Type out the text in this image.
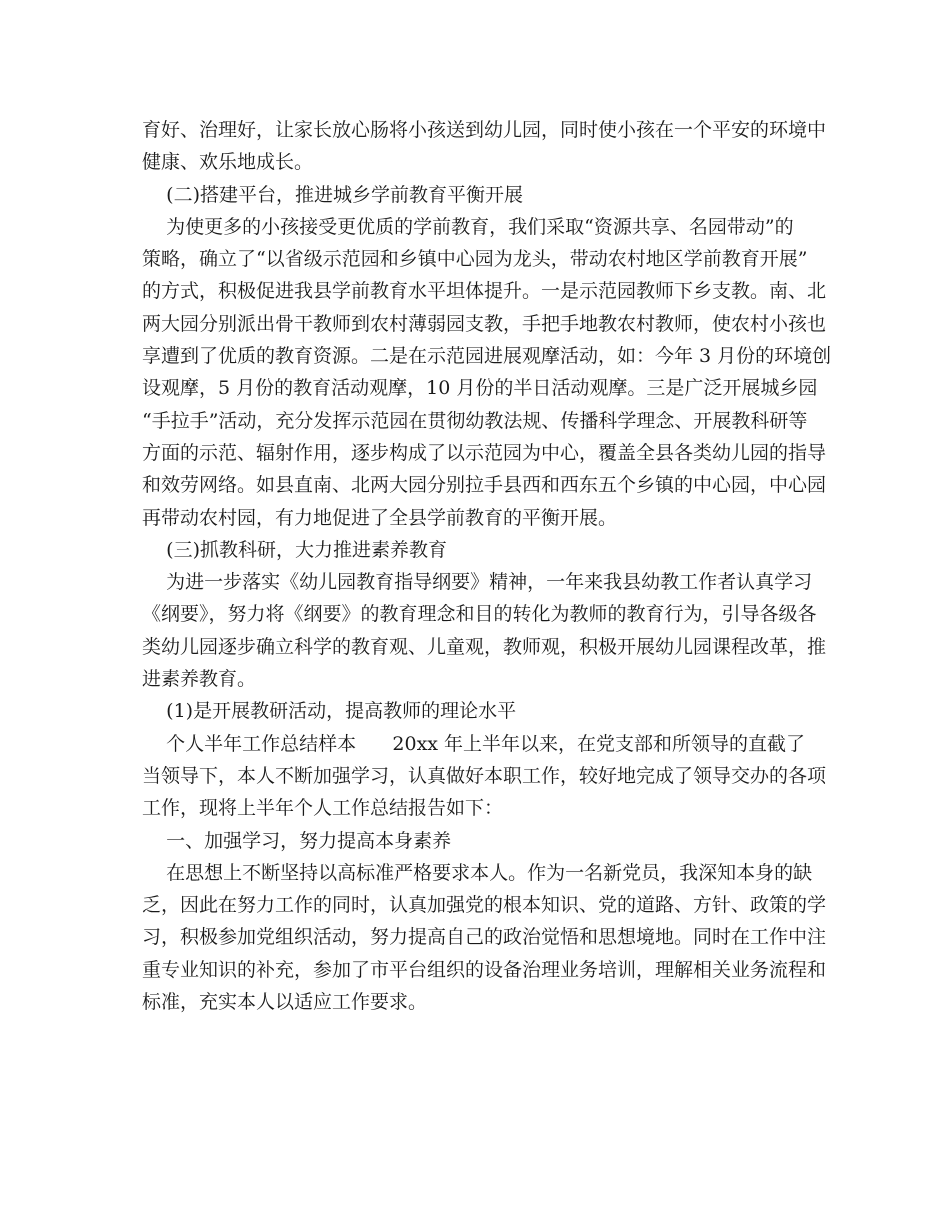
育好、治理好，让家长放心肠将小孩送到幼儿园，同时使小孩在一个平安的环境中
健康、欢乐地成长。
(二)搭建平台，推进城乡学前教育平衡开展
为使更多的小孩接受更优质的学前教育，我们采取“资源共享、名园带动”的
策略，确立了“以省级示范园和乡镇中心园为龙头，带动农村地区学前教育开展”
的方式，积极促进我县学前教育水平坦体提升。一是示范园教师下乡支教。南、北
两大园分别派出骨干教师到农村薄弱园支教，手把手地教农村教师，使农村小孩也
享遭到了优质的教育资源。二是在示范园进展观摩活动，如：今年 3 月份的环境创
设观摩，5 月份的教育活动观摩，10 月份的半日活动观摩。三是广泛开展城乡园
“手拉手”活动，充分发挥示范园在贯彻幼教法规、传播科学理念、开展教科研等
方面的示范、辐射作用，逐步构成了以示范园为中心，覆盖全县各类幼儿园的指导
和效劳网络。如县直南、北两大园分别拉手县西和西东五个乡镇的中心园，中心园
再带动农村园，有力地促进了全县学前教育的平衡开展。
(三)抓教科研，大力推进素养教育
为进一步落实《幼儿园教育指导纲要》精神，一年来我县幼教工作者认真学习
《纲要》，努力将《纲要》的教育理念和目的转化为教师的教育行为，引导各级各
类幼儿园逐步确立科学的教育观、儿童观，教师观，积极开展幼儿园课程改革，推
进素养教育。
(1)是开展教研活动，提高教师的理论水平
个人半年工作总结样本      20xx 年上半年以来，在党支部和所领导的直截了
当领导下，本人不断加强学习，认真做好本职工作，较好地完成了领导交办的各项
工作，现将上半年个人工作总结报告如下：
一、加强学习，努力提高本身素养
在思想上不断坚持以高标准严格要求本人。作为一名新党员，我深知本身的缺
乏，因此在努力工作的同时，认真加强党的根本知识、党的道路、方针、政策的学
习，积极参加党组织活动，努力提高自己的政治觉悟和思想境地。同时在工作中注
重专业知识的补充，参加了市平台组织的设备治理业务培训，理解相关业务流程和
标准，充实本人以适应工作要求。
